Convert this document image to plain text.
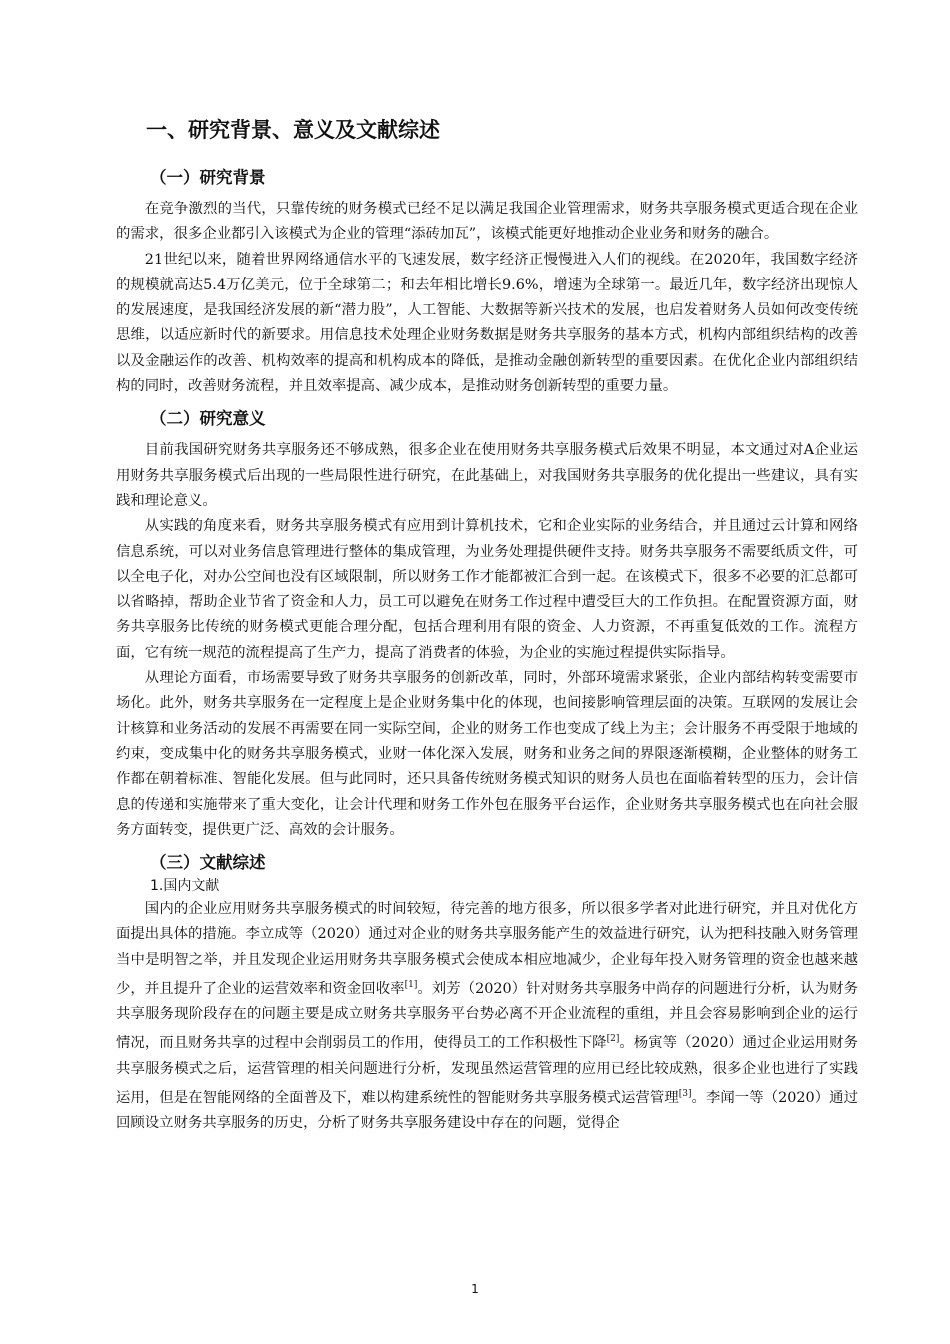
一、研究背景、意义及文献综述
（一）研究背景

在竞争激烈的当代，只靠传统的财务模式已经不足以满足我国企业管理需求，财务共享服务模式更适合现在企业的需求，很多企业都引入该模式为企业的管理“添砖加瓦”，该模式能更好地推动企业业务和财务的融合。

21世纪以来，随着世界网络通信水平的飞速发展，数字经济正慢慢进入人们的视线。在2020年，我国数字经济的规模就高达5.4万亿美元，位于全球第二；和去年相比增长9.6%，增速为全球第一。最近几年，数字经济出现惊人的发展速度，是我国经济发展的新“潜力股”，人工智能、大数据等新兴技术的发展，也启发着财务人员如何改变传统思维，以适应新时代的新要求。用信息技术处理企业财务数据是财务共享服务的基本方式，机构内部组织结构的改善以及金融运作的改善、机构效率的提高和机构成本的降低，是推动金融创新转型的重要因素。在优化企业内部组织结构的同时，改善财务流程，并且效率提高、减少成本，是推动财务创新转型的重要力量。

（二）研究意义

目前我国研究财务共享服务还不够成熟，很多企业在使用财务共享服务模式后效果不明显，本文通过对A企业运用财务共享服务模式后出现的一些局限性进行研究，在此基础上，对我国财务共享服务的优化提出一些建议，具有实践和理论意义。

从实践的角度来看，财务共享服务模式有应用到计算机技术，它和企业实际的业务结合，并且通过云计算和网络信息系统，可以对业务信息管理进行整体的集成管理，为业务处理提供硬件支持。财务共享服务不需要纸质文件，可以全电子化，对办公空间也没有区域限制，所以财务工作才能都被汇合到一起。在该模式下，很多不必要的汇总都可以省略掉，帮助企业节省了资金和人力，员工可以避免在财务工作过程中遭受巨大的工作负担。在配置资源方面，财务共享服务比传统的财务模式更能合理分配，包括合理利用有限的资金、人力资源，不再重复低效的工作。流程方面，它有统一规范的流程提高了生产力，提高了消费者的体验，为企业的实施过程提供实际指导。

从理论方面看，市场需要导致了财务共享服务的创新改革，同时，外部环境需求紧张，企业内部结构转变需要市场化。此外，财务共享服务在一定程度上是企业财务集中化的体现，也间接影响管理层面的决策。互联网的发展让会计核算和业务活动的发展不再需要在同一实际空间，企业的财务工作也变成了线上为主；会计服务不再受限于地域的约束，变成集中化的财务共享服务模式，业财一体化深入发展，财务和业务之间的界限逐渐模糊，企业整体的财务工作都在朝着标准、智能化发展。但与此同时，还只具备传统财务模式知识的财务人员也在面临着转型的压力，会计信息的传递和实施带来了重大变化，让会计代理和财务工作外包在服务平台运作，企业财务共享服务模式也在向社会服务方面转变，提供更广泛、高效的会计服务。

（三）文献综述
1.国内文献

国内的企业应用财务共享服务模式的时间较短，待完善的地方很多，所以很多学者对此进行研究，并且对优化方面提出具体的措施。李立成等（2020）通过对企业的财务共享服务能产生的效益进行研究，认为把科技融入财务管理当中是明智之举，并且发现企业运用财务共享服务模式会使成本相应地减少，企业每年投入财务管理的资金也越来越少，并且提升了企业的运营效率和资金回收率[1]。刘芳（2020）针对财务共享服务中尚存的问题进行分析，认为财务共享服务现阶段存在的问题主要是成立财务共享服务平台势必离不开企业流程的重组，并且会容易影响到企业的运行情况，而且财务共享的过程中会削弱员工的作用，使得员工的工作积极性下降[2]。杨寅等（2020）通过企业运用财务共享服务模式之后，运营管理的相关问题进行分析，发现虽然运营管理的应用已经比较成熟，很多企业也进行了实践运用，但是在智能网络的全面普及下，难以构建系统性的智能财务共享服务模式运营管理[3]。李闻一等（2020）通过回顾设立财务共享服务的历史，分析了财务共享服务建设中存在的问题，觉得企

1
